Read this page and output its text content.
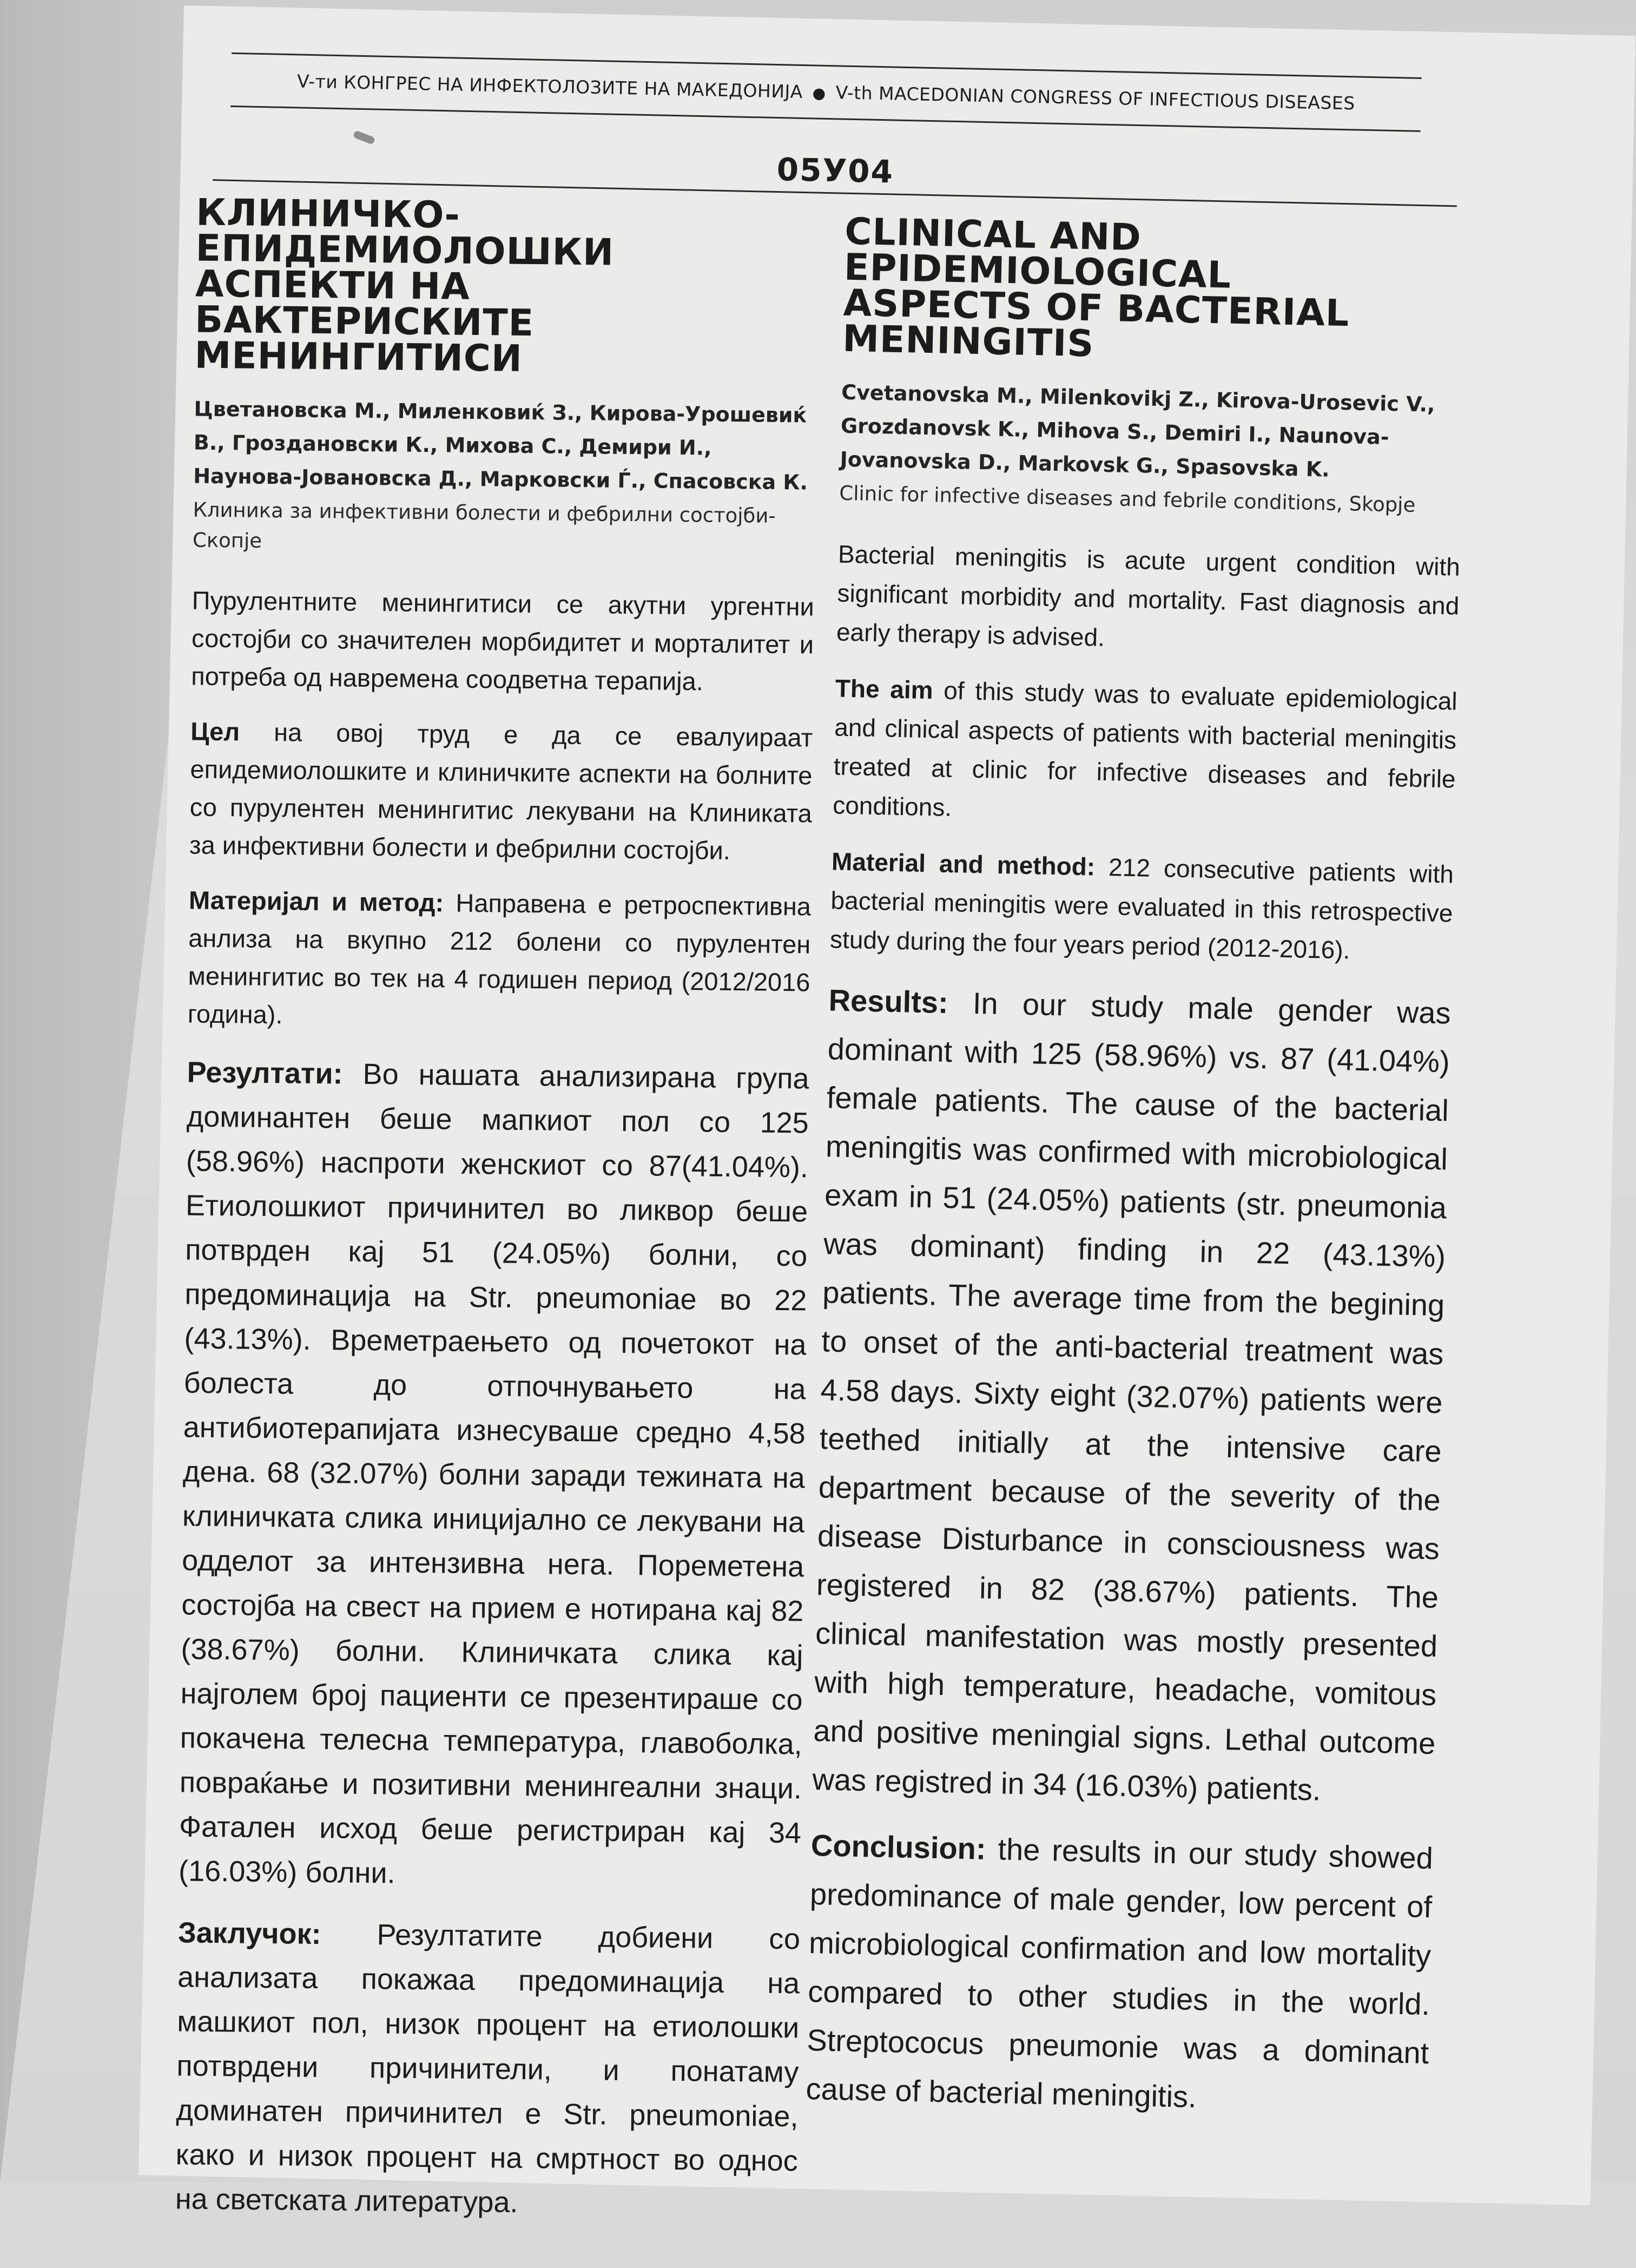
V-ти КОНГРЕС НА ИНФЕКТОЛОЗИТЕ НА МАКЕДОНИЈА ● V-th MACEDONIAN CONGRESS OF INFECTIOUS DISEASES
05У04
КЛИНИЧКО-
ЕПИДЕМИОЛОШКИ
АСПЕКТИ НА БАКТЕРИСКИТЕ
МЕНИНГИТИСИ

Цветановска М., Миленковиќ З., Кирова-Урошевиќ В., Гроздановски К., Михова С., Демири И., Наунова-Јовановска Д., Марковски Ѓ., Спасовска К.

Клиника за инфективни болести и фебрилни состојби-Скопје

Пурулентните менингитиси се акутни ургентни состојби со значителен морбидитет и морталитет и потреба од навремена соодветна терапија.

Цел на овој труд е да се евалуираат епидемиолошките и клиничките аспекти на болните со пурулентен менингитис лекувани на Клиниката за инфективни болести и фебрилни состојби.

Материјал и метод: Направена е ретроспективна анлиза на вкупно 212 болени со пурулентен менингитис во тек на 4 годишен период (2012/2016 година).

Резултати: Во нашата анализирана група доминантен беше мапкиот пол со 125 (58.96%) наспроти женскиот со 87(41.04%). Етиолошкиот причинител во ликвор беше потврден кај 51 (24.05%) болни, со предоминација на Str. pneumoniae во 22 (43.13%). Времетраењето од почетокот на болеста до отпочнувањето на антибиотерапијата изнесуваше средно 4,58 дена. 68 (32.07%) болни заради тежината на клиничката слика иницијално се лекувани на одделот за интензивна нега. Пореметена состојба на свест на прием е нотирана кај 82 (38.67%) болни. Клиничката слика кај најголем број пациенти се презентираше со покачена телесна температура, главоболка, повраќање и позитивни менингеални знаци. Фатален исход беше регистриран кај 34 (16.03%) болни.

Заклучок: Резултатите добиени со анализата покажаа предоминација на машкиот пол, низок процент на етиолошки потврдени причинители, и понатаму доминатен причинител е Str. pneumoniae, како и низок процент на смртност во однос на светската литература.

CLINICAL AND
EPIDEMIOLOGICAL
ASPECTS OF BACTERIAL
MENINGITIS

Cvetanovska M., Milenkovikj Z., Kirova-Urosevic V., Grozdanovsk K., Mihova S., Demiri I., Naunova-Jovanovska D., Markovsk G., Spasovska K.

Clinic for infective diseases and febrile conditions, Skopje

Bacterial meningitis is acute urgent condition with significant morbidity and mortality. Fast diagnosis and early therapy is advised.

The aim of this study was to evaluate epidemiological and clinical aspects of patients with bacterial meningitis treated at clinic for infective diseases and febrile conditions.

Material and method: 212 consecutive patients with bacterial meningitis were evaluated in this retrospective study during the four years period (2012-2016).

Results: In our study male gender was dominant with 125 (58.96%) vs. 87 (41.04%) female patients. The cause of the bacterial meningitis was confirmed with microbiological exam in 51 (24.05%) patients (str. pneumonia was dominant) finding in 22 (43.13%) patients. The average time from the begining to onset of the anti-bacterial treatment was 4.58 days. Sixty eight (32.07%) patients were teethed initially at the intensive care department because of the severity of the disease Disturbance in consciousness was registered in 82 (38.67%) patients. The clinical manifestation was mostly presented with high temperature, headache, vomitous and positive meningial signs. Lethal outcome was registred in 34 (16.03%) patients.

Conclusion: the results in our study showed predominance of male gender, low percent of microbiological confirmation and low mortality compared to other studies in the world. Streptococus pneumonie was a dominant cause of bacterial meningitis.
